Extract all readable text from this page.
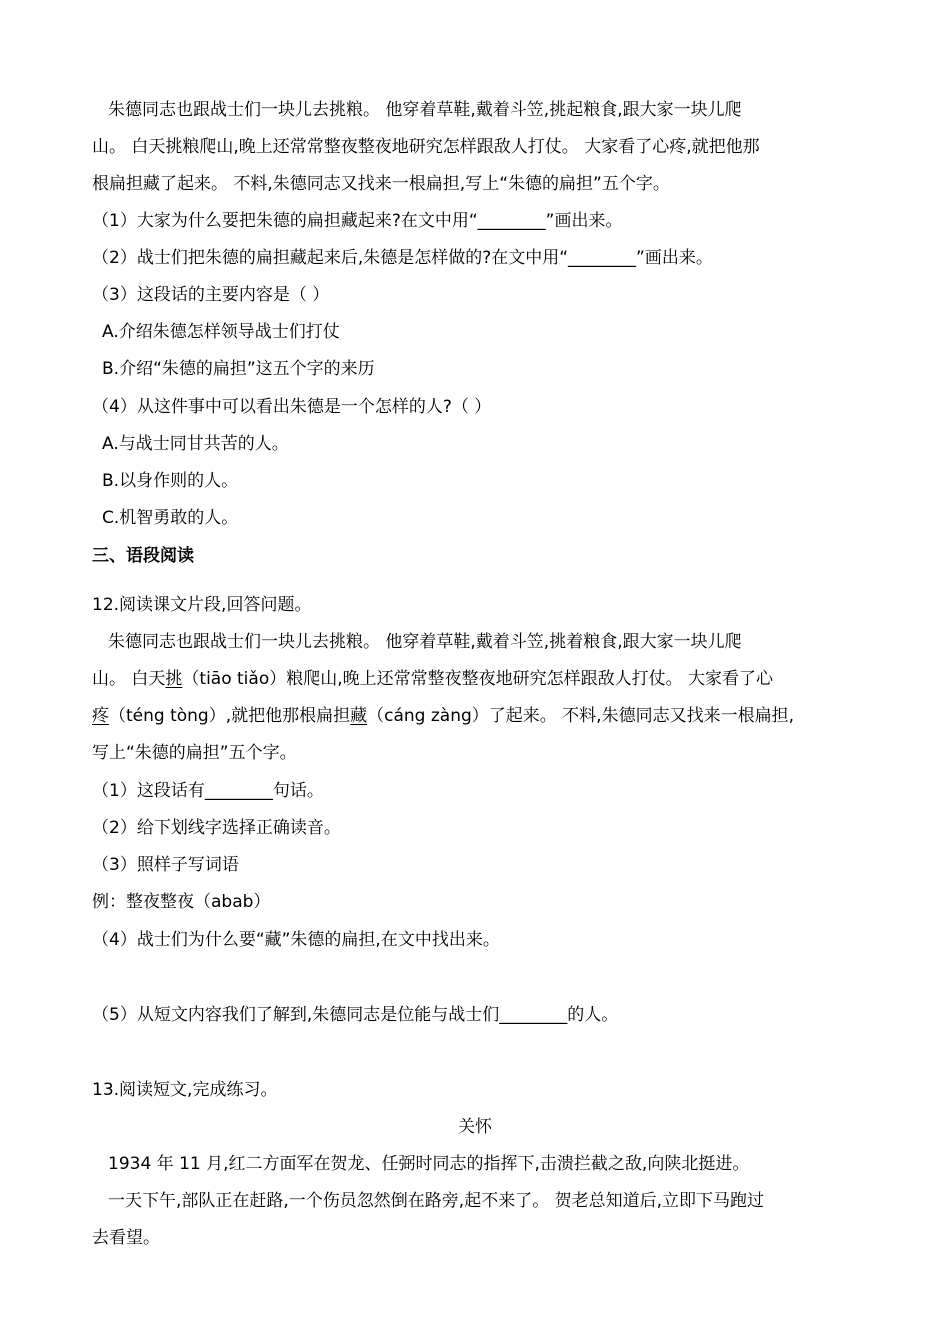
朱德同志也跟战士们一块儿去挑粮。 他穿着草鞋,戴着斗笠,挑起粮食,跟大家一块儿爬
山。 白天挑粮爬山,晚上还常常整夜整夜地研究怎样跟敌人打仗。 大家看了心疼,就把他那
根扁担藏了起来。 不料,朱德同志又找来一根扁担,写上“朱德的扁担”五个字。
（1）大家为什么要把朱德的扁担藏起来?在文中用“________”画出来。
（2）战士们把朱德的扁担藏起来后,朱德是怎样做的?在文中用“________”画出来。
（3）这段话的主要内容是（ ）
A.介绍朱德怎样领导战士们打仗
B.介绍“朱德的扁担”这五个字的来历
（4）从这件事中可以看出朱德是一个怎样的人?（ ）
A.与战士同甘共苦的人。
B.以身作则的人。
C.机智勇敢的人。
三、语段阅读
12.阅读课文片段,回答问题。
朱德同志也跟战士们一块儿去挑粮。 他穿着草鞋,戴着斗笠,挑着粮食,跟大家一块儿爬
山。 白天挑（tiāo tiǎo）粮爬山,晚上还常常整夜整夜地研究怎样跟敌人打仗。 大家看了心
疼（téng tòng）,就把他那根扁担藏（cáng zàng）了起来。 不料,朱德同志又找来一根扁担,
写上“朱德的扁担”五个字。
（1）这段话有________句话。
（2）给下划线字选择正确读音。
（3）照样子写词语
例：整夜整夜（abab）
（4）战士们为什么要“藏”朱德的扁担,在文中找出来。
（5）从短文内容我们了解到,朱德同志是位能与战士们________的人。
13.阅读短文,完成练习。
关怀
1934 年 11 月,红二方面军在贺龙、任弼时同志的指挥下,击溃拦截之敌,向陕北挺进。
一天下午,部队正在赶路,一个伤员忽然倒在路旁,起不来了。 贺老总知道后,立即下马跑过
去看望。
